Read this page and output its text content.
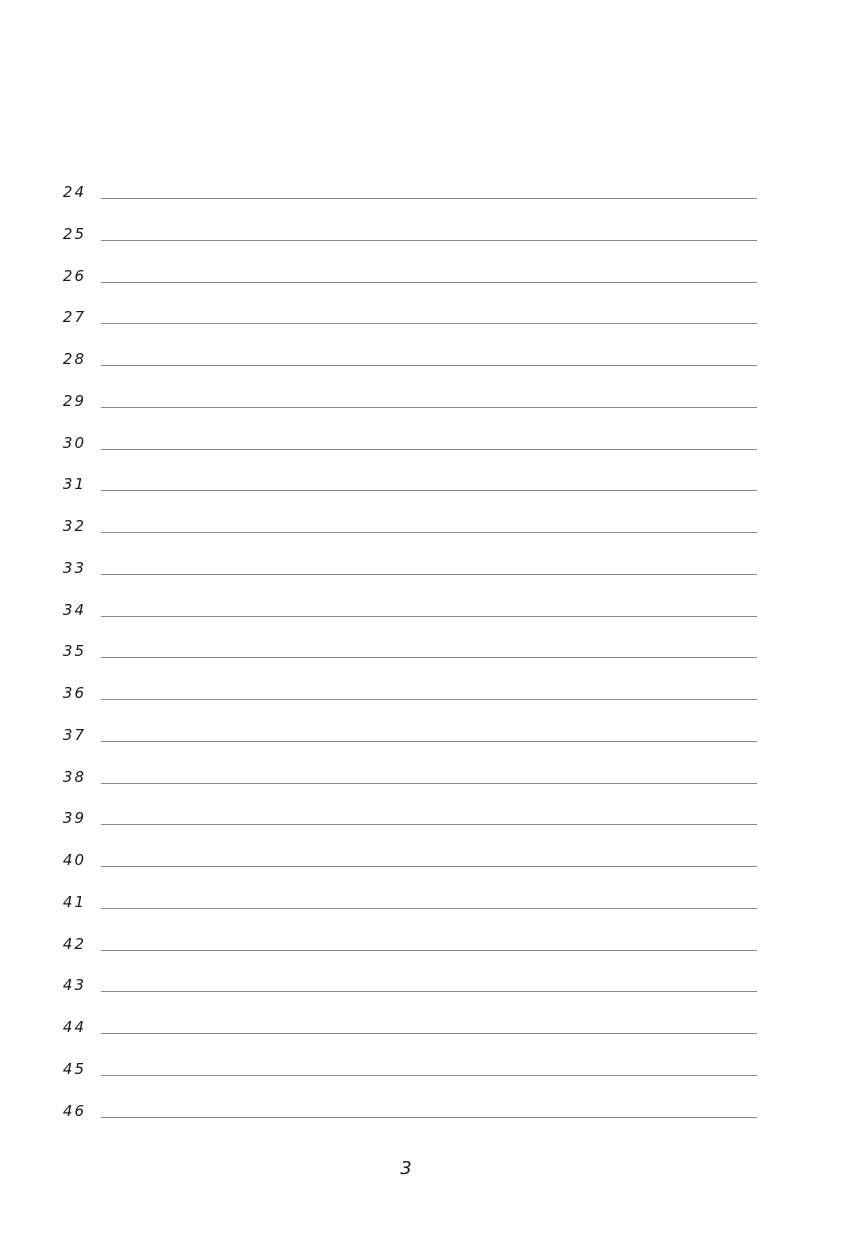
24
25
26
27
28
29
30
31
32
33
34
35
36
37
38
39
40
41
42
43
44
45
46
3
